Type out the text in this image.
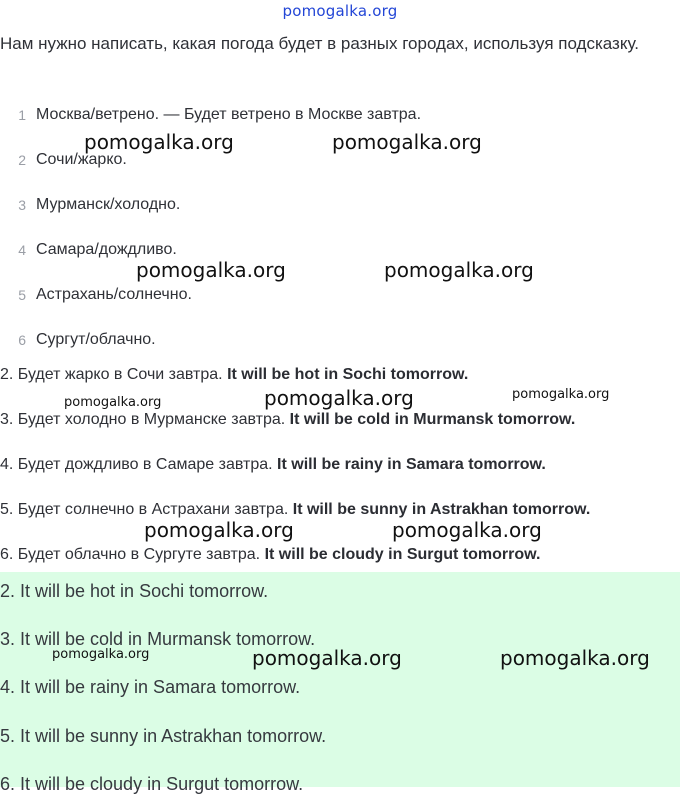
pomogalka.org
Нам нужно написать, какая погода будет в разных городах, используя подсказку.
1 Москва/ветрено. — Будет ветрено в Москве завтра.
2 Сочи/жарко.
3 Мурманск/холодно.
4 Самара/дождливо.
5 Астрахань/солнечно.
6 Сургут/облачно.
2. Будет жарко в Сочи завтра. It will be hot in Sochi tomorrow.
3. Будет холодно в Мурманске завтра. It will be cold in Murmansk tomorrow.
4. Будет дождливо в Самаре завтра. It will be rainy in Samara tomorrow.
5. Будет солнечно в Астрахани завтра. It will be sunny in Astrakhan tomorrow.
6. Будет облачно в Сургуте завтра. It will be cloudy in Surgut tomorrow.
2. It will be hot in Sochi tomorrow.
3. It will be cold in Murmansk tomorrow.
4. It will be rainy in Samara tomorrow.
5. It will be sunny in Astrakhan tomorrow.
6. It will be cloudy in Surgut tomorrow.
pomogalka.org	pomogalka.org
pomogalka.org	pomogalka.org
pomogalka.org	pomogalka.org	pomogalka.org
pomogalka.org	pomogalka.org
pomogalka.org	pomogalka.org	pomogalka.org
